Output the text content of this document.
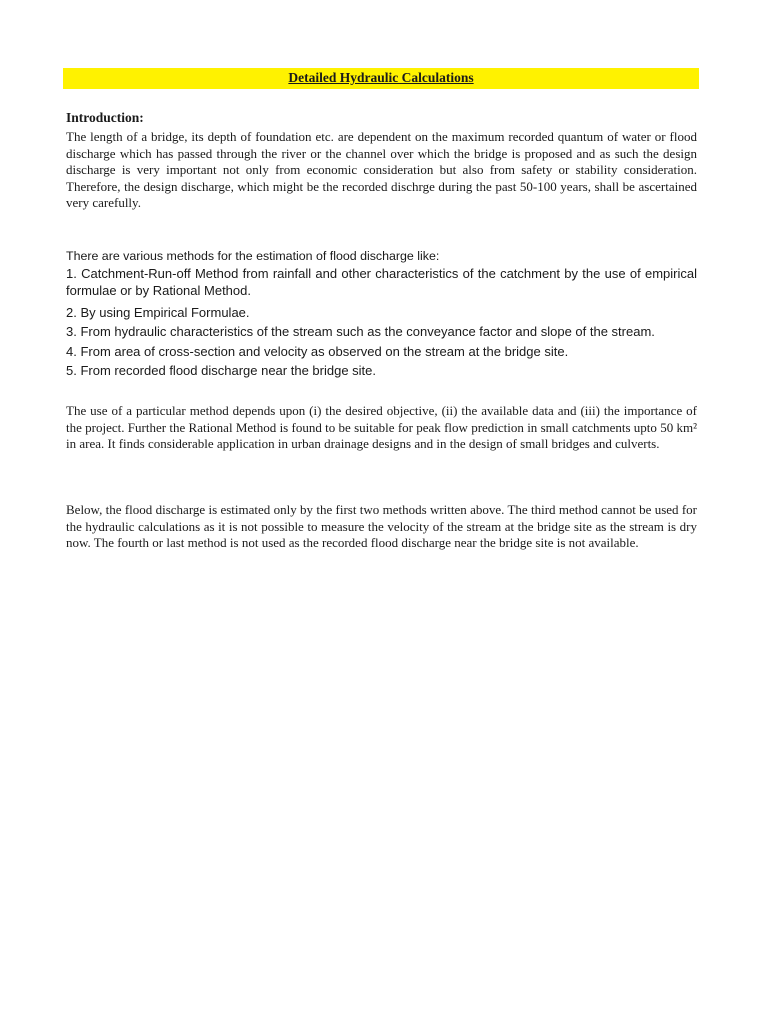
Detailed Hydraulic Calculations
Introduction:
The length of a bridge, its depth of foundation etc. are dependent on the maximum recorded quantum of water or flood discharge which has passed through the river or the channel over which the bridge is proposed and as such the design discharge is very important not only from economic consideration but also from safety or stability consideration. Therefore, the design discharge, which might be the recorded dischrge during the past 50-100 years, shall be ascertained very carefully.
There are various methods for the estimation of flood discharge like:
1. Catchment-Run-off Method from rainfall and other characteristics of the catchment by the use of empirical formulae or by Rational Method.
2. By using Empirical Formulae.
3. From hydraulic characteristics of the stream such as the conveyance factor and slope of the stream.
4. From area of cross-section and velocity as observed on the stream at the bridge site.
5. From recorded flood discharge near the bridge site.
The use of a particular method depends upon (i) the desired objective, (ii) the available data and (iii) the importance of the project. Further the Rational Method is found to be suitable for peak flow prediction in small catchments upto 50 km² in area. It finds considerable application in urban drainage designs and in the design of small bridges and culverts.
Below, the flood discharge is estimated only by the first two methods written above. The third method cannot be used for the hydraulic calculations as it is not possible to measure the velocity of the stream at the bridge site as the stream is dry now. The fourth or last method is not used as the recorded flood discharge near the bridge site is not available.
